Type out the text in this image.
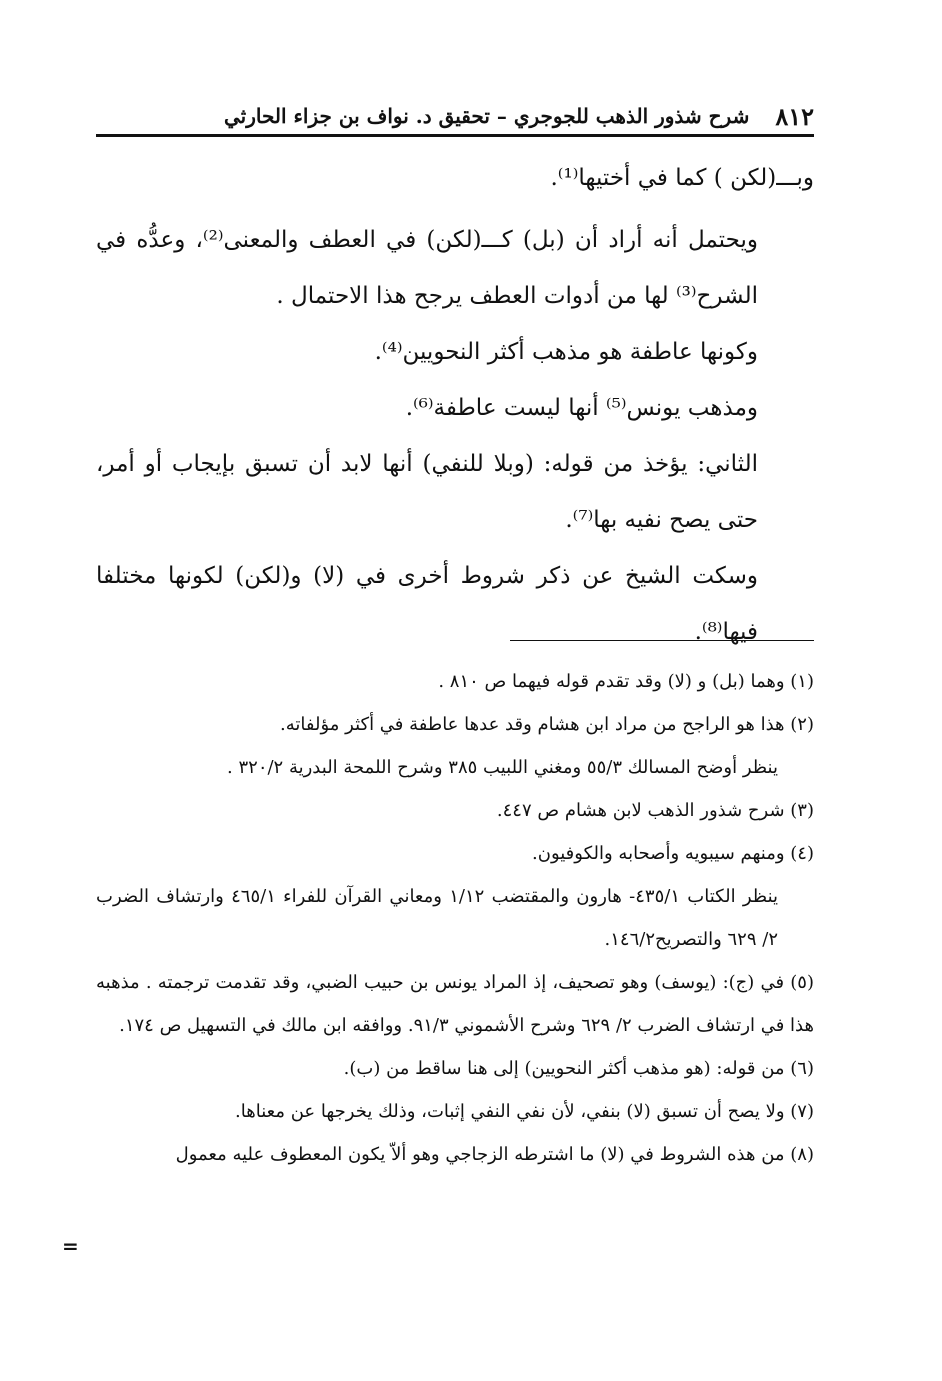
٨١٢
شرح شذور الذهب للجوجري – تحقيق د. نواف بن جزاء الحارثي

وبـــ(لكن ) كما في أختيها⁽¹⁾.

ويحتمل أنه أراد أن (بل) كـــ(لكن) في العطف والمعنى⁽²⁾، وعدُّه في الشرح⁽³⁾ لها من أدوات العطف يرجح هذا الاحتمال .

وكونها عاطفة هو مذهب أكثر النحويين⁽⁴⁾.

ومذهب يونس⁽⁵⁾ أنها ليست عاطفة⁽⁶⁾.

الثاني: يؤخذ من قوله: (وبلا للنفي) أنها لابد أن تسبق بإيجاب أو أمر، حتى يصح نفيه بها⁽⁷⁾.

وسكت الشيخ عن ذكر شروط أخرى في (لا) و(لكن) لكونها مختلفا فيها⁽⁸⁾.

(١) وهما (بل) و (لا) وقد تقدم قوله فيهما ص ٨١٠ .

(٢) هذا هو الراجح من مراد ابن هشام وقد عدها عاطفة في أكثر مؤلفاته.

ينظر أوضح المسالك ٥٥/٣ ومغني اللبيب ٣٨٥ وشرح اللمحة البدرية ٣٢٠/٢ .

(٣) شرح شذور الذهب لابن هشام ص ٤٤٧.

(٤) ومنهم سيبويه وأصحابه والكوفيون.

ينظر الكتاب ٤٣٥/١- هارون والمقتضب ١/١٢ ومعاني القرآن للفراء ٤٦٥/١ وارتشاف الضرب ٢/ ٦٢٩ والتصريح١٤٦/٢.

(٥) في (ج): (يوسف) وهو تصحيف، إذ المراد يونس بن حبيب الضبي، وقد تقدمت ترجمته . مذهبه هذا في ارتشاف الضرب ٢/ ٦٢٩ وشرح الأشموني ٩١/٣. ووافقه ابن مالك في التسهيل ص ١٧٤.

(٦) من قوله: (هو مذهب أكثر النحويين) إلى هنا ساقط من (ب).

(٧) ولا يصح أن تسبق (لا) بنفي، لأن نفي النفي إثبات، وذلك يخرجها عن معناها.

(٨) من هذه الشروط في (لا) ما اشترطه الزجاجي وهو ألاّ يكون المعطوف عليه معمول

=
